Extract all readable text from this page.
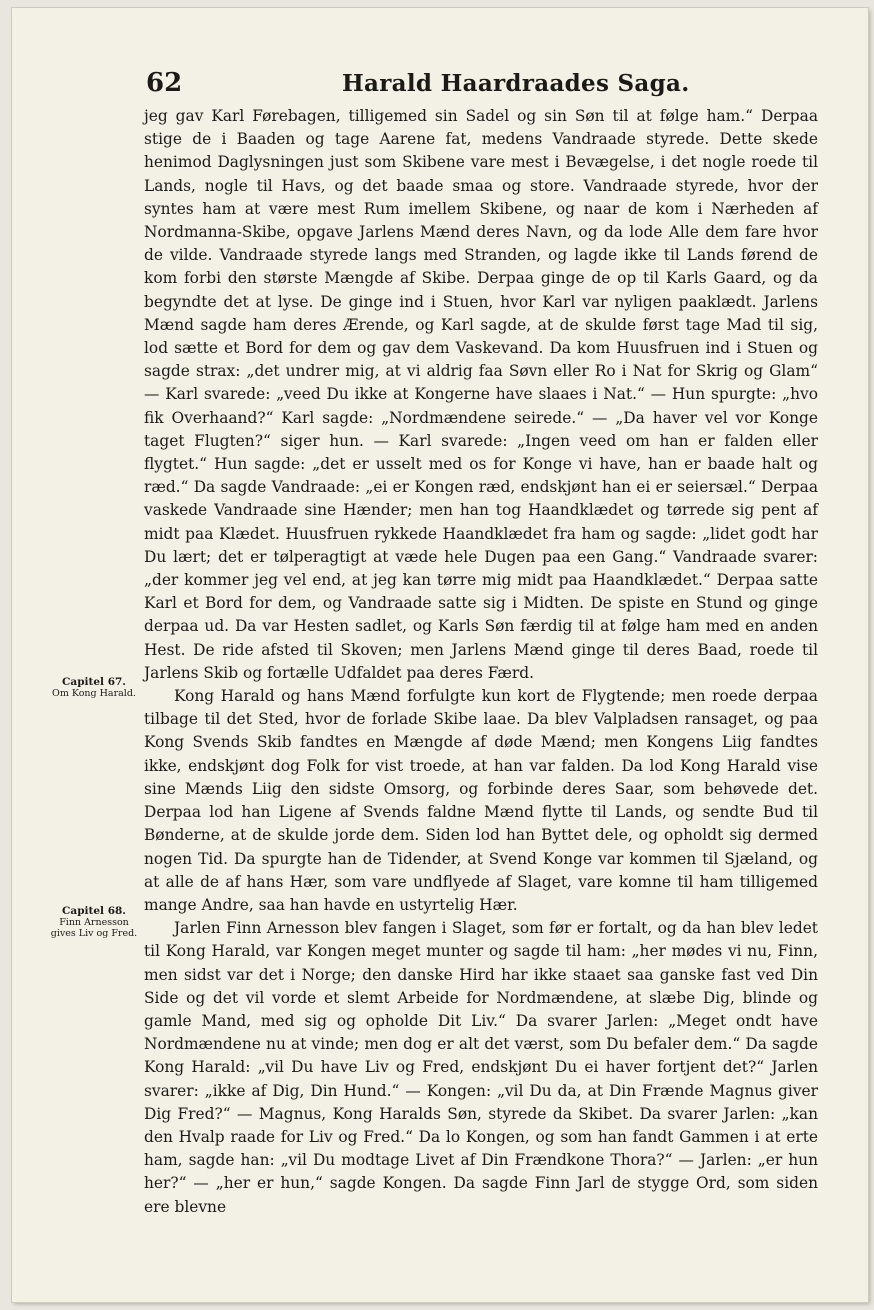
62	Harald Haardraades Saga.
Capitel 67.
Om Kong Harald.
Capitel 68.
Finn Arnesson gives Liv og Fred.

jeg gav Karl Førebagen, tilligemed sin Sadel og sin Søn til at følge ham.“ Derpaa stige de i Baaden og tage Aarene fat, medens Vandraade styrede. Dette skede henimod Daglysningen just som Skibene vare mest i Bevægelse, i det nogle roede til Lands, nogle til Havs, og det baade smaa og store. Vandraade styrede, hvor der syntes ham at være mest Rum imellem Skibene, og naar de kom i Nærheden af Nordmanna-Skibe, opgave Jarlens Mænd deres Navn, og da lode Alle dem fare hvor de vilde. Vandraade styrede langs med Stranden, og lagde ikke til Lands førend de kom forbi den største Mængde af Skibe. Derpaa ginge de op til Karls Gaard, og da begyndte det at lyse. De ginge ind i Stuen, hvor Karl var nyligen paaklædt. Jarlens Mænd sagde ham deres Ærende, og Karl sagde, at de skulde først tage Mad til sig, lod sætte et Bord for dem og gav dem Vaskevand. Da kom Huusfruen ind i Stuen og sagde strax: „det undrer mig, at vi aldrig faa Søvn eller Ro i Nat for Skrig og Glam“ — Karl svarede: „veed Du ikke at Kongerne have slaaes i Nat.“ — Hun spurgte: „hvo fik Overhaand?“ Karl sagde: „Nordmændene seirede.“ — „Da haver vel vor Konge taget Flugten?“ siger hun. — Karl svarede: „Ingen veed om han er falden eller flygtet.“ Hun sagde: „det er usselt med os for Konge vi have, han er baade halt og ræd.“ Da sagde Vandraade: „ei er Kongen ræd, endskjønt han ei er seiersæl.“ Derpaa vaskede Vandraade sine Hænder; men han tog Haandklædet og tørrede sig pent af midt paa Klædet. Huusfruen rykkede Haandklædet fra ham og sagde: „lidet godt har Du lært; det er tølperagtigt at væde hele Dugen paa een Gang.“ Vandraade svarer: „der kommer jeg vel end, at jeg kan tørre mig midt paa Haandklædet.“ Derpaa satte Karl et Bord for dem, og Vandraade satte sig i Midten. De spiste en Stund og ginge derpaa ud. Da var Hesten sadlet, og Karls Søn færdig til at følge ham med en anden Hest. De ride afsted til Skoven; men Jarlens Mænd ginge til deres Baad, roede til Jarlens Skib og fortælle Udfaldet paa deres Færd.

Kong Harald og hans Mænd forfulgte kun kort de Flygtende; men roede derpaa tilbage til det Sted, hvor de forlade Skibe laae. Da blev Valpladsen ransaget, og paa Kong Svends Skib fandtes en Mængde af døde Mænd; men Kongens Liig fandtes ikke, endskjønt dog Folk for vist troede, at han var falden. Da lod Kong Harald vise sine Mænds Liig den sidste Omsorg, og forbinde deres Saar, som behøvede det. Derpaa lod han Ligene af Svends faldne Mænd flytte til Lands, og sendte Bud til Bønderne, at de skulde jorde dem. Siden lod han Byttet dele, og opholdt sig dermed nogen Tid. Da spurgte han de Tidender, at Svend Konge var kommen til Sjæland, og at alle de af hans Hær, som vare undflyede af Slaget, vare komne til ham tilligemed mange Andre, saa han havde en ustyrtelig Hær.

Jarlen Finn Arnesson blev fangen i Slaget, som før er fortalt, og da han blev ledet til Kong Harald, var Kongen meget munter og sagde til ham: „her mødes vi nu, Finn, men sidst var det i Norge; den danske Hird har ikke staaet saa ganske fast ved Din Side og det vil vorde et slemt Arbeide for Nordmændene, at slæbe Dig, blinde og gamle Mand, med sig og opholde Dit Liv.“ Da svarer Jarlen: „Meget ondt have Nordmændene nu at vinde; men dog er alt det værst, som Du befaler dem.“ Da sagde Kong Harald: „vil Du have Liv og Fred, endskjønt Du ei haver fortjent det?“ Jarlen svarer: „ikke af Dig, Din Hund.“ — Kongen: „vil Du da, at Din Frænde Magnus giver Dig Fred?“ — Magnus, Kong Haralds Søn, styrede da Skibet. Da svarer Jarlen: „kan den Hvalp raade for Liv og Fred.“ Da lo Kongen, og som han fandt Gammen i at erte ham, sagde han: „vil Du modtage Livet af Din Frændkone Thora?“ — Jarlen: „er hun her?“ — „her er hun,“ sagde Kongen. Da sagde Finn Jarl de stygge Ord, som siden ere blevne
